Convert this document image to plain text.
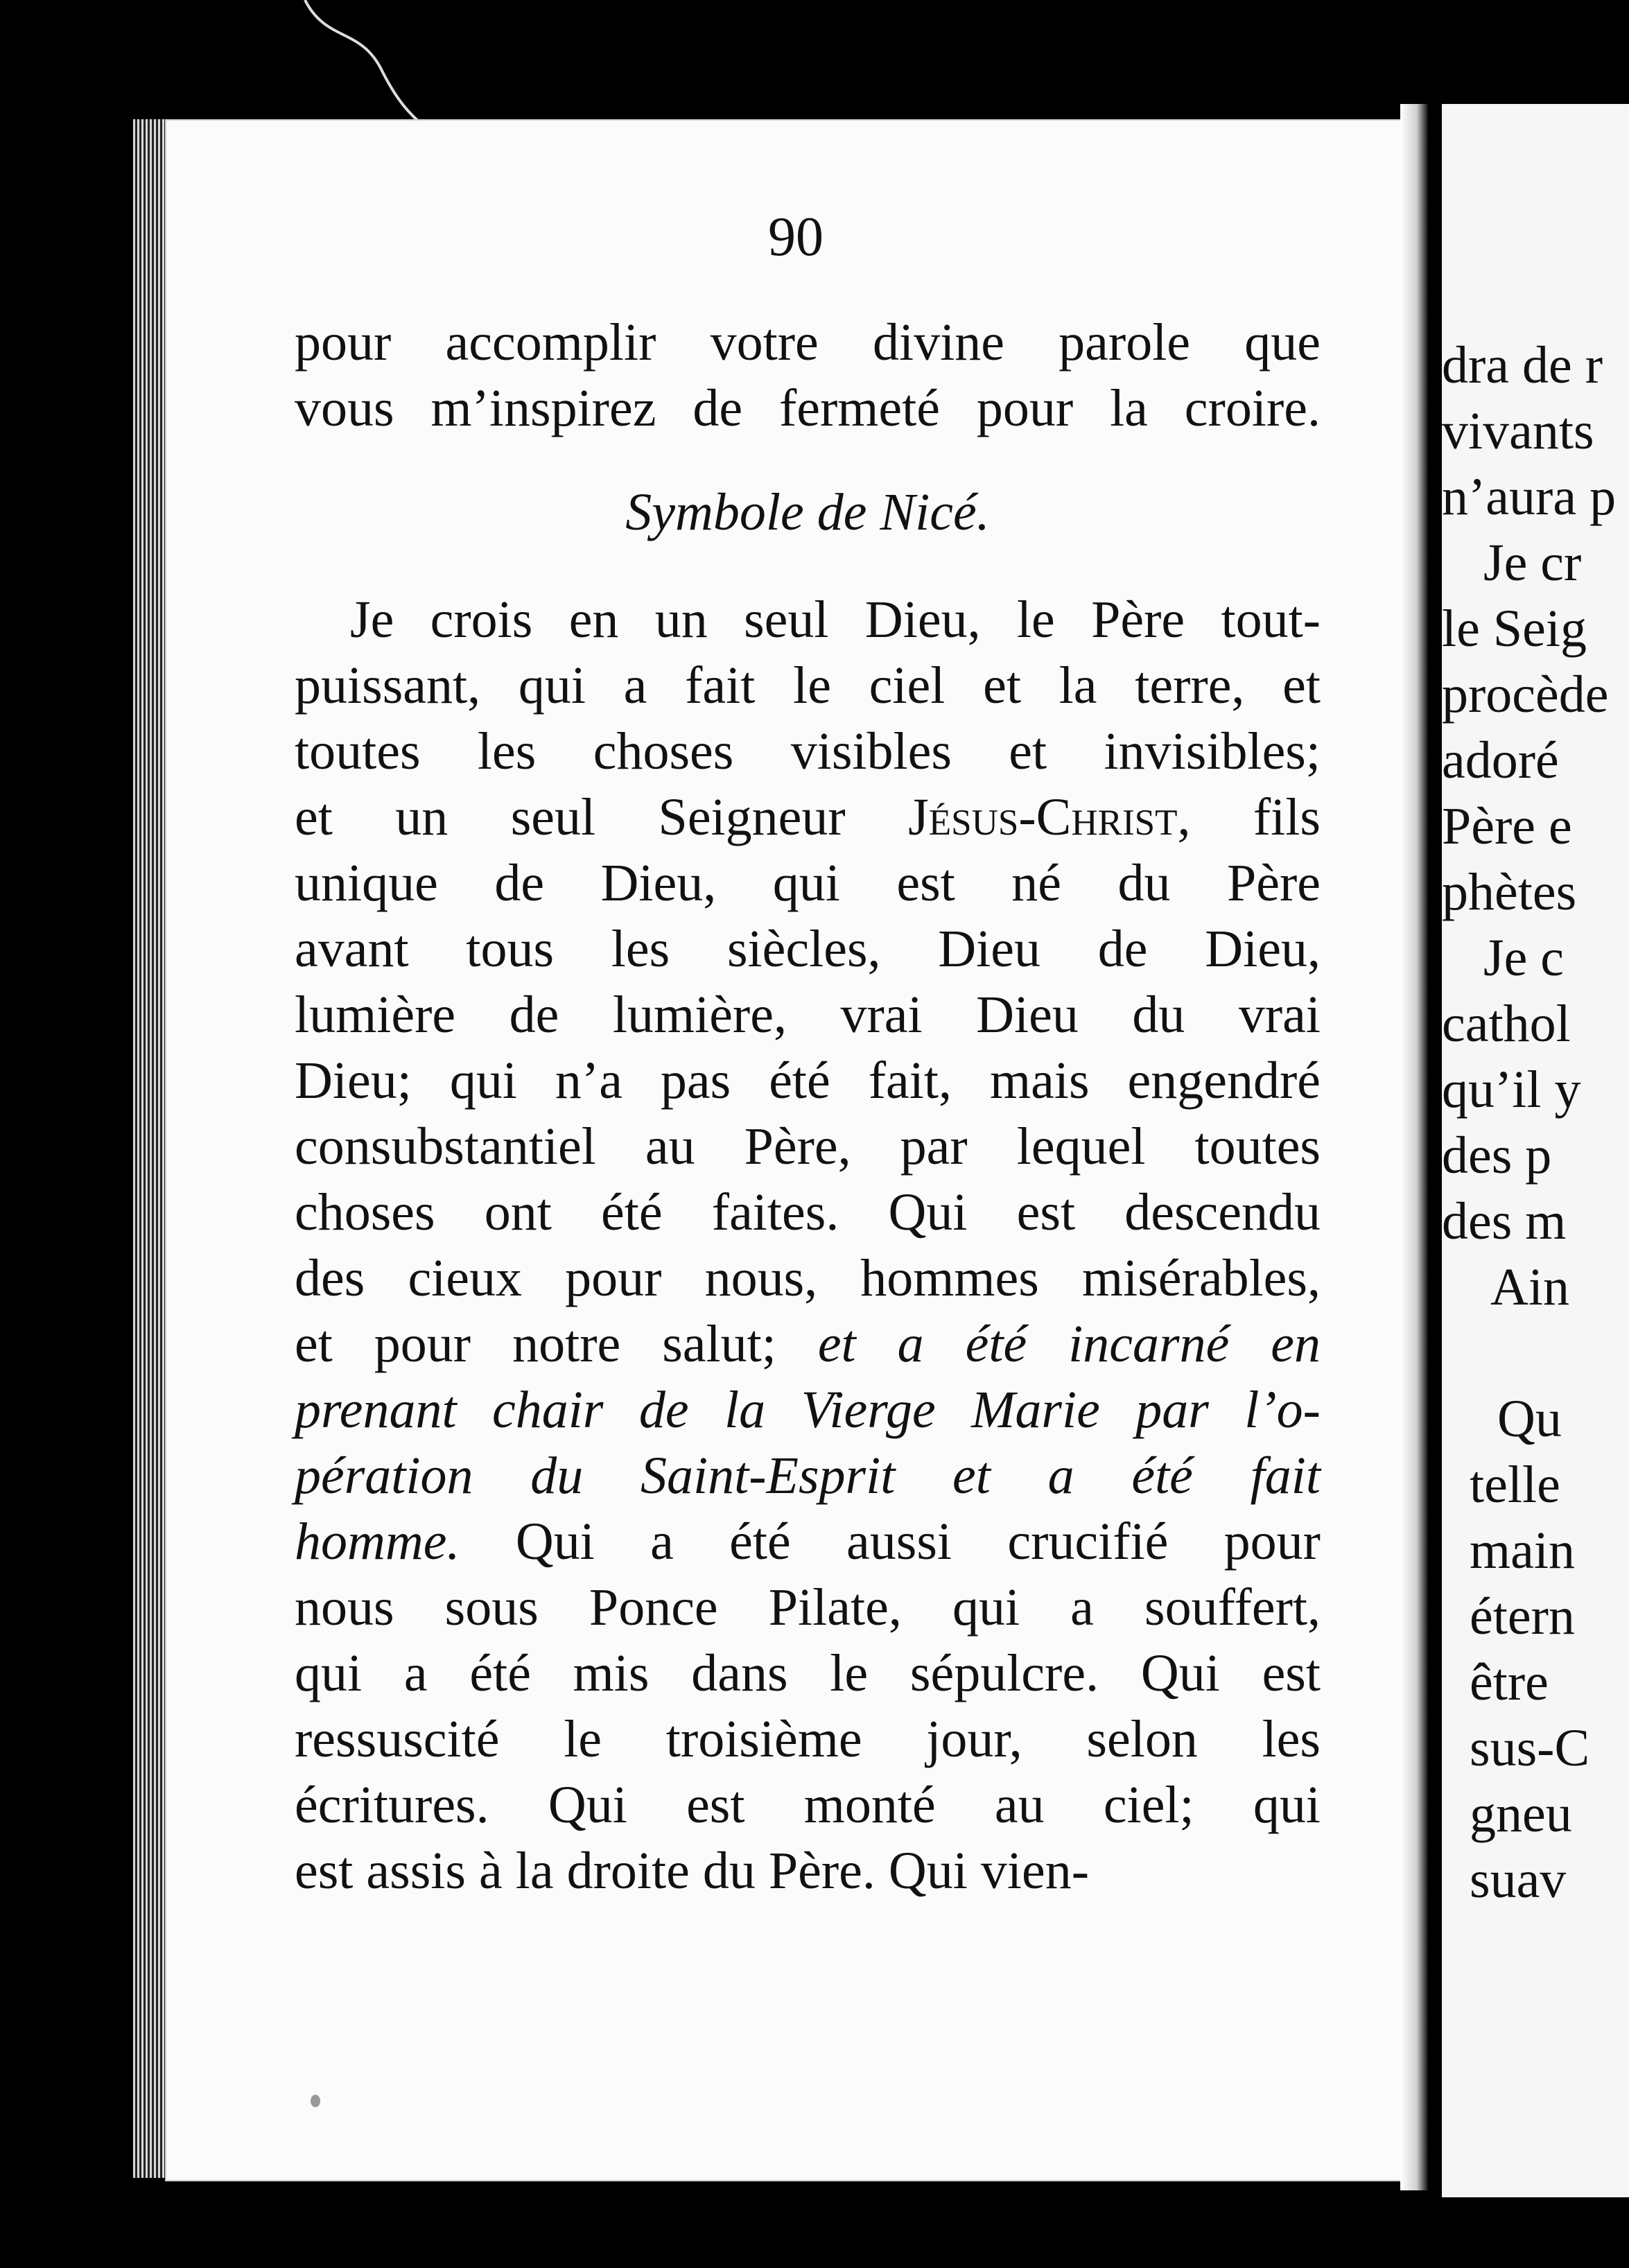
90
pour accomplir votre divine parole que
vous m’inspirez de fermeté pour la croire.
Symbole de Nicé.
Je crois en un seul Dieu, le Père tout-
puissant, qui a fait le ciel et la terre, et
toutes les choses visibles et invisibles;
et un seul Seigneur Jésus-Christ, fils
unique de Dieu, qui est né du Père
avant tous les siècles, Dieu de Dieu,
lumière de lumière, vrai Dieu du vrai
Dieu; qui n’a pas été fait, mais engendré
consubstantiel au Père, par lequel toutes
choses ont été faites. Qui est descendu
des cieux pour nous, hommes misérables,
et pour notre salut; et a été incarné en
prenant chair de la Vierge Marie par l’o-
pération du Saint-Esprit et a été fait
homme. Qui a été aussi crucifié pour
nous sous Ponce Pilate, qui a souffert,
qui a été mis dans le sépulcre. Qui est
ressuscité le troisième jour, selon les
écritures. Qui est monté au ciel; qui
est assis à la droite du Père. Qui vien-
dra de r
vivants
n’aura p
Je cr
le Seig
procède
adoré
Père e
phètes
Je c
cathol
qu’il y
des p
des m
Ain
Qu
telle
main
étern
être
sus-C
gneu
suav
